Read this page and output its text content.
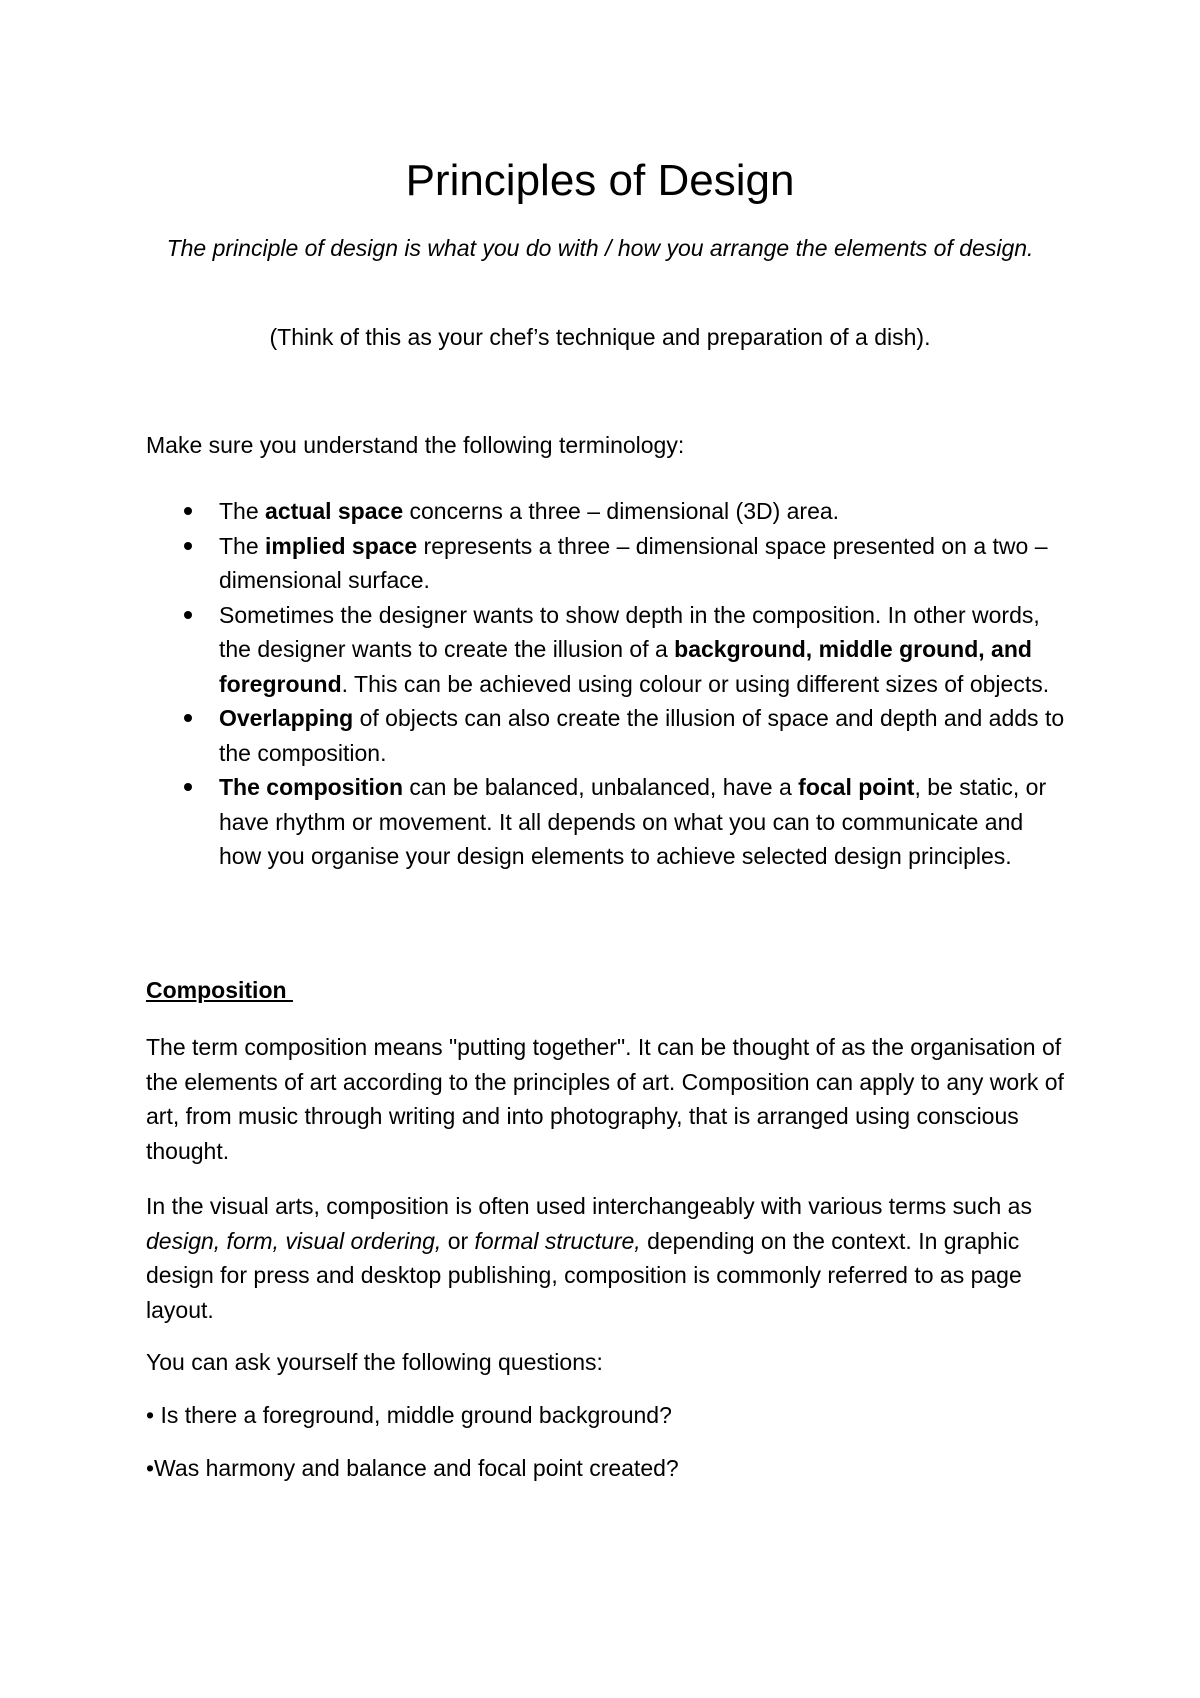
Principles of Design

The principle of design is what you do with / how you arrange the elements of design.

(Think of this as your chef’s technique and preparation of a dish).

Make sure you understand the following terminology:

The actual space concerns a three – dimensional (3D) area.
The implied space represents a three – dimensional space presented on a two – dimensional surface.
Sometimes the designer wants to show depth in the composition. In other words, the designer wants to create the illusion of a background, middle ground, and foreground. This can be achieved using colour or using different sizes of objects.
Overlapping of objects can also create the illusion of space and depth and adds to the composition.
The composition can be balanced, unbalanced, have a focal point, be static, or have rhythm or movement. It all depends on what you can to communicate and how you organise your design elements to achieve selected design principles.
Composition

The term composition means "putting together". It can be thought of as the organisation of the elements of art according to the principles of art. Composition can apply to any work of art, from music through writing and into photography, that is arranged using conscious thought.

In the visual arts, composition is often used interchangeably with various terms such as design, form, visual ordering, or formal structure, depending on the context. In graphic design for press and desktop publishing, composition is commonly referred to as page layout.

You can ask yourself the following questions:

• Is there a foreground, middle ground background?

•Was harmony and balance and focal point created?
